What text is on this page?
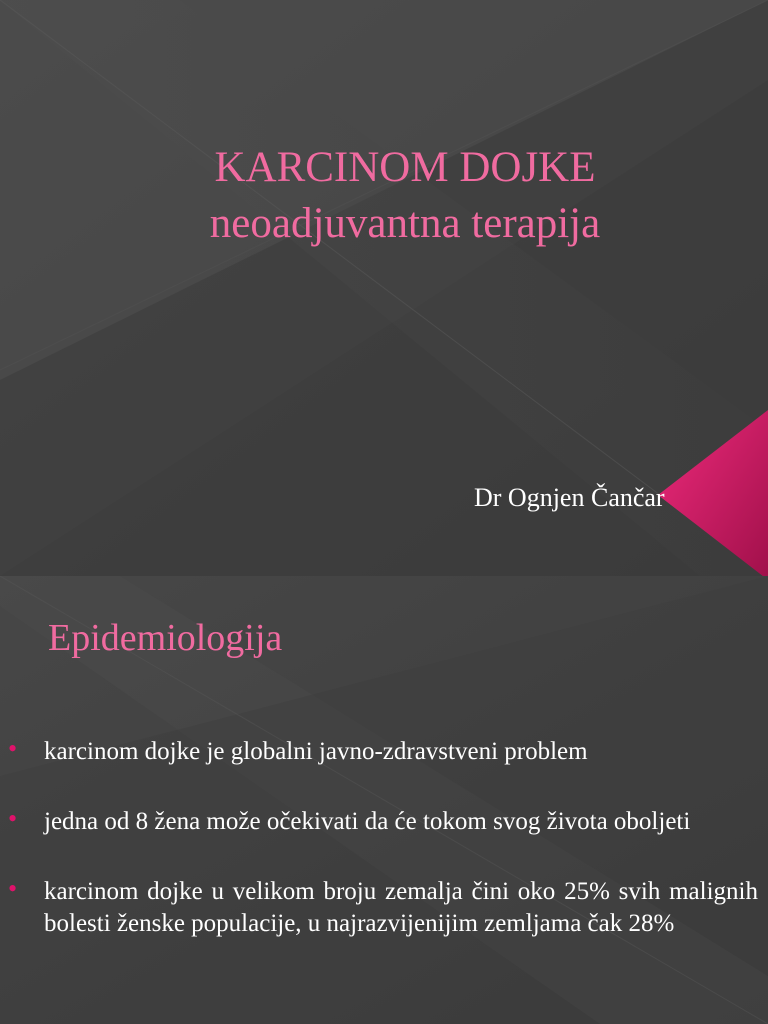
KARCINOM DOJKE
neoadjuvantna terapija
Dr Ognjen Čančar
Epidemiologija
• karcinom dojke je globalni javno-zdravstveni problem
• jedna od 8 žena može očekivati da će tokom svog života oboljeti
• karcinom dojke u velikom broju zemalja čini oko 25% svih malignih bolesti ženske populacije, u najrazvijenijim zemljama čak 28%
